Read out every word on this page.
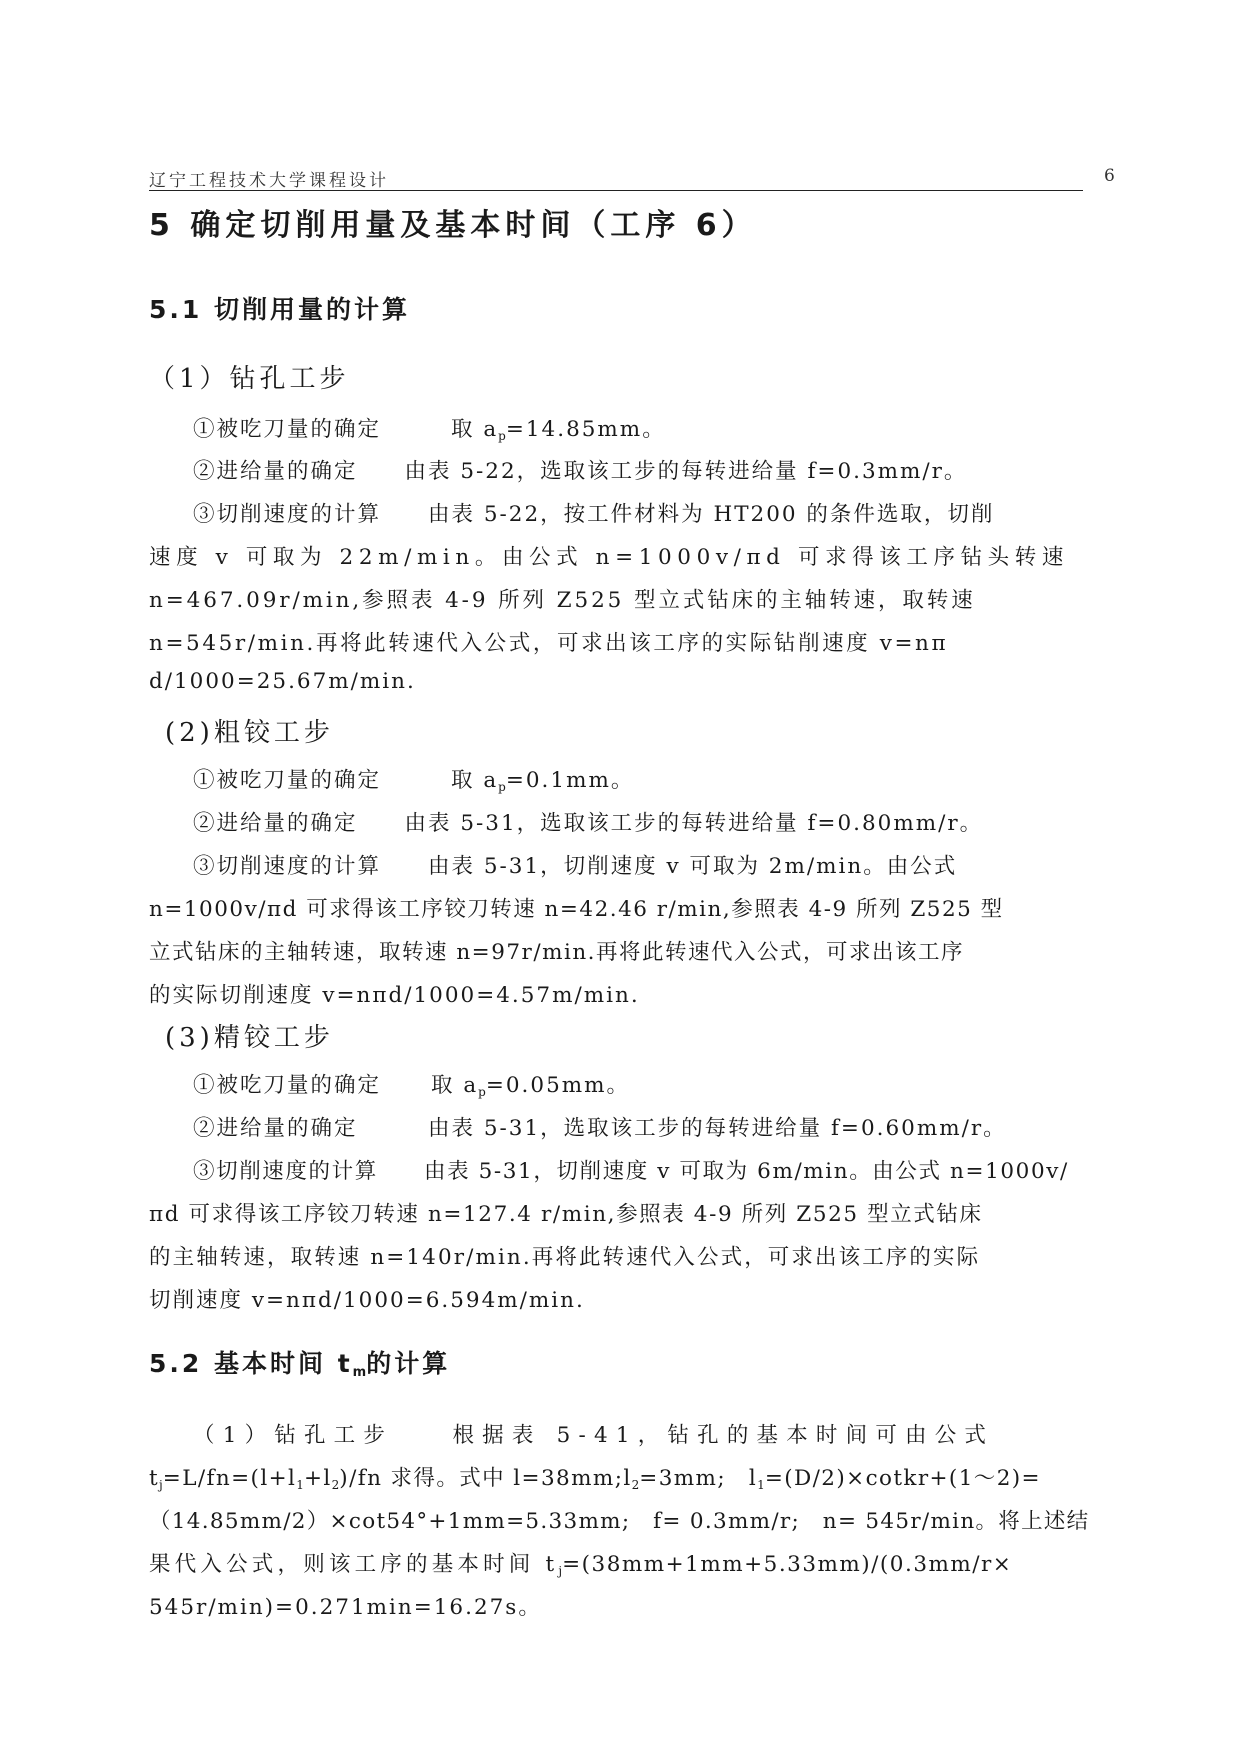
辽宁工程技术大学课程设计	6
5 确定切削用量及基本时间（工序 6）
5.1 切削用量的计算
（1）钻孔工步
①被吃刀量的确定	取 $a_p=14.85mm$。
②进给量的确定　　由表 5-22，选取该工步的每转进给量 f=0.3mm/r。
③切削速度的计算　　由表 5-22，按工件材料为 HT200 的条件选取，切削
速度 v 可取为 22m/min。由公式 n=1000v/πd 可求得该工序钻头转速
n=467.09r/min,参照表 4-9 所列 Z525 型立式钻床的主轴转速，取转速
n=545r/min.再将此转速代入公式，可求出该工序的实际钻削速度 v=nπ
d/1000=25.67m/min.
(2)粗铰工步
①被吃刀量的确定	取 $a_p=0.1mm$。
②进给量的确定　　由表 5-31，选取该工步的每转进给量 f=0.80mm/r。
③切削速度的计算　　由表 5-31，切削速度 v 可取为 2m/min。由公式
n=1000v/πd 可求得该工序铰刀转速 n=42.46 r/min,参照表 4-9 所列 Z525 型
立式钻床的主轴转速，取转速 n=97r/min.再将此转速代入公式，可求出该工序
的实际切削速度 v=nπd/1000=4.57m/min.
(3)精铰工步
①被吃刀量的确定 取 $a_p=0.05mm$。
②进给量的确定　　　由表 5-31，选取该工步的每转进给量 f=0.60mm/r。
③切削速度的计算　　由表 5-31，切削速度 v 可取为 6m/min。由公式 n=1000v/
πd 可求得该工序铰刀转速 n=127.4 r/min,参照表 4-9 所列 Z525 型立式钻床
的主轴转速，取转速 n=140r/min.再将此转速代入公式，可求出该工序的实际
切削速度 v=nπd/1000=6.594m/min.
5.2 基本时间 $t_m$的计算
（1）钻孔工步　　根据表 5-41，钻孔的基本时间可由公式
$t_j=L/fn=(l+l_1+l_2)/fn$ 求得。式中 $l=38mm;l_2=3mm$;　$l_1=(D/2)\times cotkr+(1\sim 2)=$
（14.85mm/2）×cot54°+1mm=5.33mm;　f= 0.3mm/r;　n= 545r/min。将上述结
果代入公式，则该工序的基本时间 $t_j=(38mm+1mm+5.33mm)/(0.3mm/r\times$
545r/min)=0.271min=16.27s。
